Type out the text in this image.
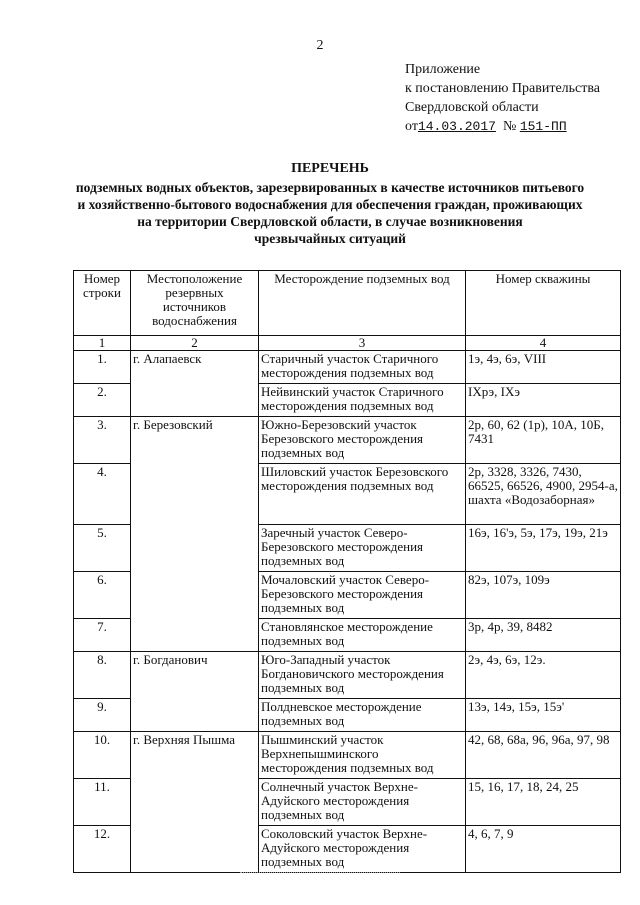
2
Приложение
к постановлению Правительства
Свердловской области
от14.03.2017 № 151-ПП
ПЕРЕЧЕНЬ
подземных водных объектов, зарезервированных в качестве источников питьевого
и хозяйственно-бытового водоснабжения для обеспечения граждан, проживающих
на территории Свердловской области, в случае возникновения
чрезвычайных ситуаций
Номер строки	Местоположение резервных источников водоснабжения	Месторождение подземных вод	Номер скважины
1	2	3	4
1.	г. Алапаевск	Старичный участок Старичного месторождения подземных вод	1э, 4э, 6э, VIII
2.		Нейвинский участок Старичного месторождения подземных вод	IХрэ, IХэ
3.	г. Березовский	Южно-Березовский участок Березовского месторождения подземных вод	2р, 60, 62 (1р), 10А, 10Б, 7431
4.		Шиловский участок Березовского месторождения подземных вод	2р, 3328, 3326, 7430, 66525, 66526, 4900, 2954-а, шахта «Водозаборная»
5.		Заречный участок Северо-Березовского месторождения подземных вод	16э, 16'э, 5э, 17э, 19э, 21э
6.		Мочаловский участок Северо-Березовского месторождения подземных вод	82э, 107э, 109э
7.		Становлянское месторождение подземных вод	3р, 4р, 39, 8482
8.	г. Богданович	Юго-Западный участок Богдановичского месторождения подземных вод	2э, 4э, 6э, 12э.
9.		Полдневское месторождение подземных вод	13э, 14э, 15э, 15э'
10.	г. Верхняя Пышма	Пышминский участок Верхнепышминского месторождения подземных вод	42, 68, 68а, 96, 96а, 97, 98
11.		Солнечный участок Верхне-Адуйского месторождения подземных вод	15, 16, 17, 18, 24, 25
12.		Соколовский участок Верхне-Адуйского месторождения подземных вод	4, 6, 7, 9
